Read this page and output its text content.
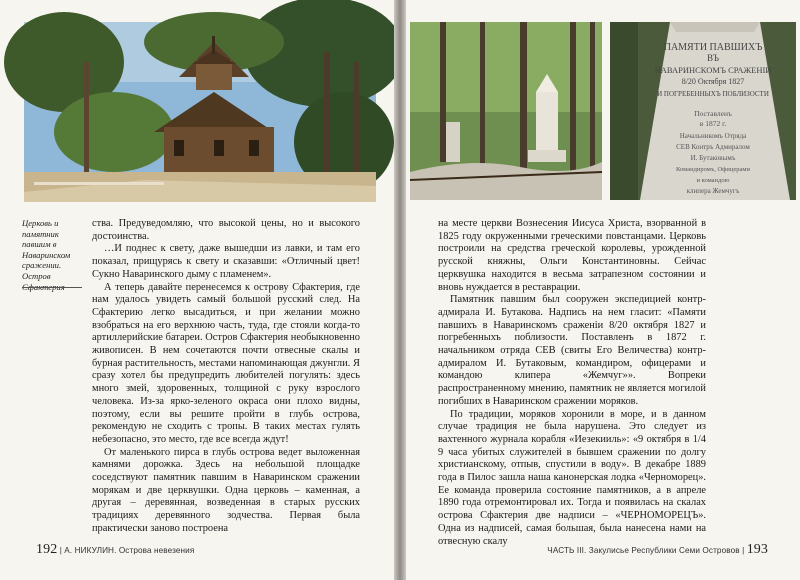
Церковь и памятник павшим в Наваринском сражении. Остров

ства. Предуведомляю, что высокой цены, но и высокого достоинства.

…И поднес к свету, даже вышедши из лавки, и там его показал, прищурясь к свету и сказавши: «Отличный цвет! Сукно Наваринского дыму с пламенем».

А теперь давайте перенесемся к острову Сфактерия, где нам удалось увидеть самый большой русский след. На Сфактерию легко высадиться, и при желании можно взобраться на его верхнюю часть, туда, где стояли когда-то артиллерийские батареи. Остров Сфактерия необыкновенно живописен. В нем сочетаются почти отвесные скалы и бурная растительность, местами напоминающая джунгли. Я сразу хотел бы предупредить любителей погулять: здесь много змей, здоровенных, толщиной с руку взрослого человека. Из-за ярко-зеленого окраса они плохо видны, поэтому, если вы решите пройти в глубь острова, рекомендую не сходить с тропы. В таких местах гулять небезопасно, это место, где все всегда ждут!

От маленького пирса в глубь острова ведет выложенная камнями дорожка. Здесь на небольшой площадке соседствуют памятник павшим в Наваринском сражении морякам и две церквушки. Одна церковь – каменная, а другая – деревянная, возведенная в старых русских традициях деревянного зодчества. Первая была практически заново построена

192 | А. НИКУЛИН. Острова невезения
ПАМЯТИ ПАВШИХЪ
ВЪ
НАВАРИНСКОМЪ СРАЖЕНІИ
8/20 Октября 1827
И ПОГРЕБЕННЫХЪ ПОБЛИЗОСТИ
Поставленъ
в 1872 г.
Начальникомъ Отряда
СЕВ Контръ Адмиралом
И. Бутаковымъ
Командиромъ, Офицерами
и командою
клипера Жемчугъ

на месте церкви Вознесения Иисуса Христа, взорванной в 1825 году окруженными греческими повстанцами. Церковь построили на средства греческой королевы, урожденной русской княжны, Ольги Константиновны. Сейчас церквушка находится в весьма затрапезном состоянии и вновь нуждается в реставрации.

Памятник павшим был сооружен экспедицией контр-адмирала И. Бутакова. Надпись на нем гласит: «Памяти павшихъ в Наваринскомъ сраженіи 8/20 октября 1827 и погребенныхъ поблизости. Поставленъ в 1872 г. начальником отряда СЕВ (свиты Его Величества) контр-адмиралом И. Бутаковым, командиром, офицерами и командою клипера «Жемчуг»». Вопреки распространенному мнению, памятник не является могилой погибших в Наваринском сражении моряков.

По традиции, моряков хоронили в море, и в данном случае традиция не была нарушена. Это следует из вахтенного журнала корабля «Иезекииль»: «9 октября в 1/4 9 часа убитых служителей в бывшем сражении по долгу христианскому, отпыв, спустили в воду». В декабре 1889 года в Пилос зашла наша канонерская лодка «Черноморец». Ее команда проверила состояние памятников, а в апреле 1890 года отремонтировал их. Тогда и появилась на скалах острова Сфактерия две надписи – «ЧЕРНОМОРЕЦЪ». Одна из надписей, самая большая, была нанесена нами на отвесную скалу

ЧАСТЬ III. Закулисье Республики Семи Островов | 193
